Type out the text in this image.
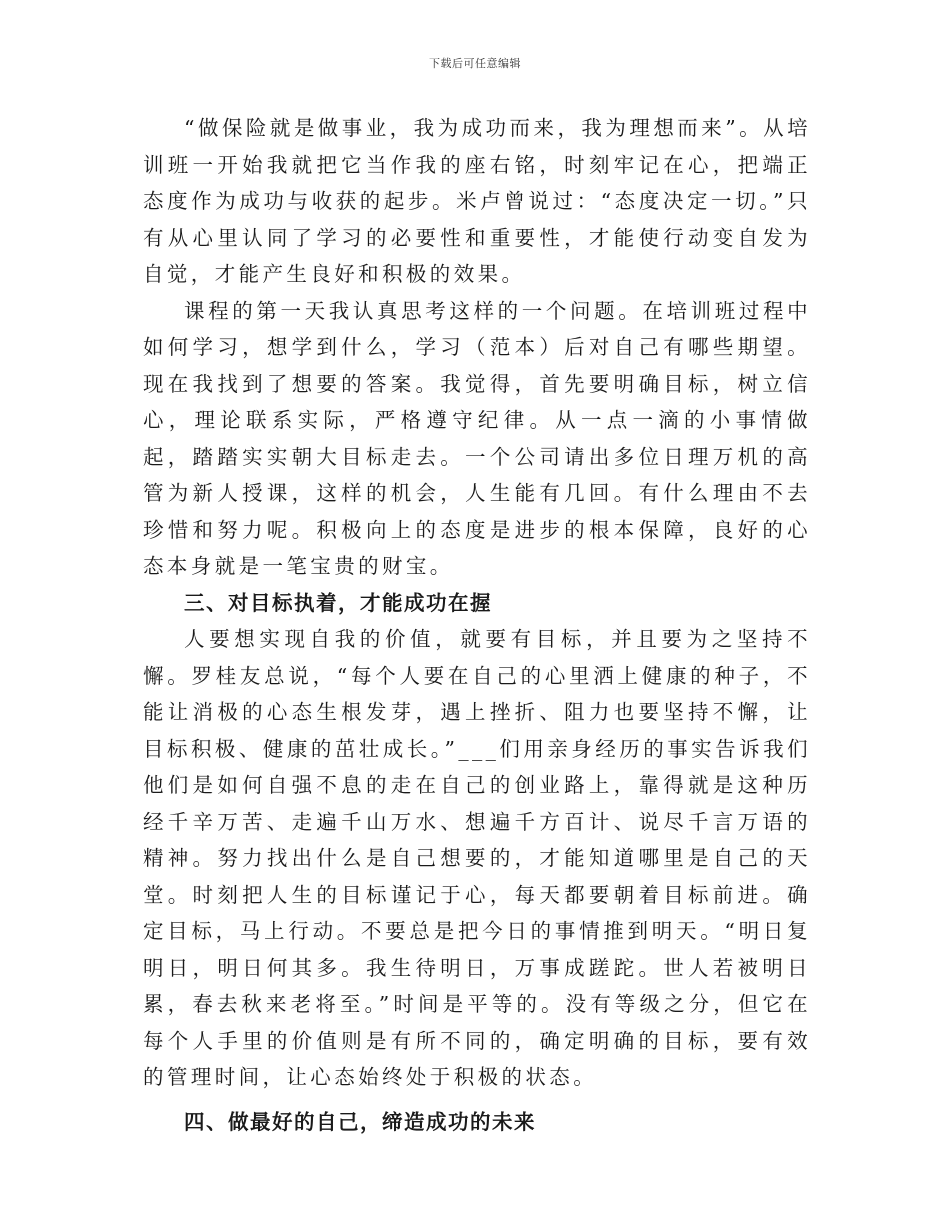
下载后可任意编辑

“做保险就是做事业，我为成功而来，我为理想而来”。从培训班一开始我就把它当作我的座右铭，时刻牢记在心，把端正态度作为成功与收获的起步。米卢曾说过：“态度决定一切。”只有从心里认同了学习的必要性和重要性，才能使行动变自发为自觉，才能产生良好和积极的效果。

课程的第一天我认真思考这样的一个问题。在培训班过程中如何学习，想学到什么，学习（范本）后对自己有哪些期望。现在我找到了想要的答案。我觉得，首先要明确目标，树立信心，理论联系实际，严格遵守纪律。从一点一滴的小事情做起，踏踏实实朝大目标走去。一个公司请出多位日理万机的高管为新人授课，这样的机会，人生能有几回。有什么理由不去珍惜和努力呢。积极向上的态度是进步的根本保障，良好的心态本身就是一笔宝贵的财宝。

三、对目标执着，才能成功在握

人要想实现自我的价值，就要有目标，并且要为之坚持不懈。罗桂友总说，“每个人要在自己的心里洒上健康的种子，不能让消极的心态生根发芽，遇上挫折、阻力也要坚持不懈，让目标积极、健康的茁壮成长。”___们用亲身经历的事实告诉我们他们是如何自强不息的走在自己的创业路上，靠得就是这种历经千辛万苦、走遍千山万水、想遍千方百计、说尽千言万语的精神。努力找出什么是自己想要的，才能知道哪里是自己的天堂。时刻把人生的目标谨记于心，每天都要朝着目标前进。确定目标，马上行动。不要总是把今日的事情推到明天。“明日复明日，明日何其多。我生待明日，万事成蹉跎。世人若被明日累，春去秋来老将至。”时间是平等的。没有等级之分，但它在每个人手里的价值则是有所不同的，确定明确的目标，要有效的管理时间，让心态始终处于积极的状态。

四、做最好的自己，缔造成功的未来
